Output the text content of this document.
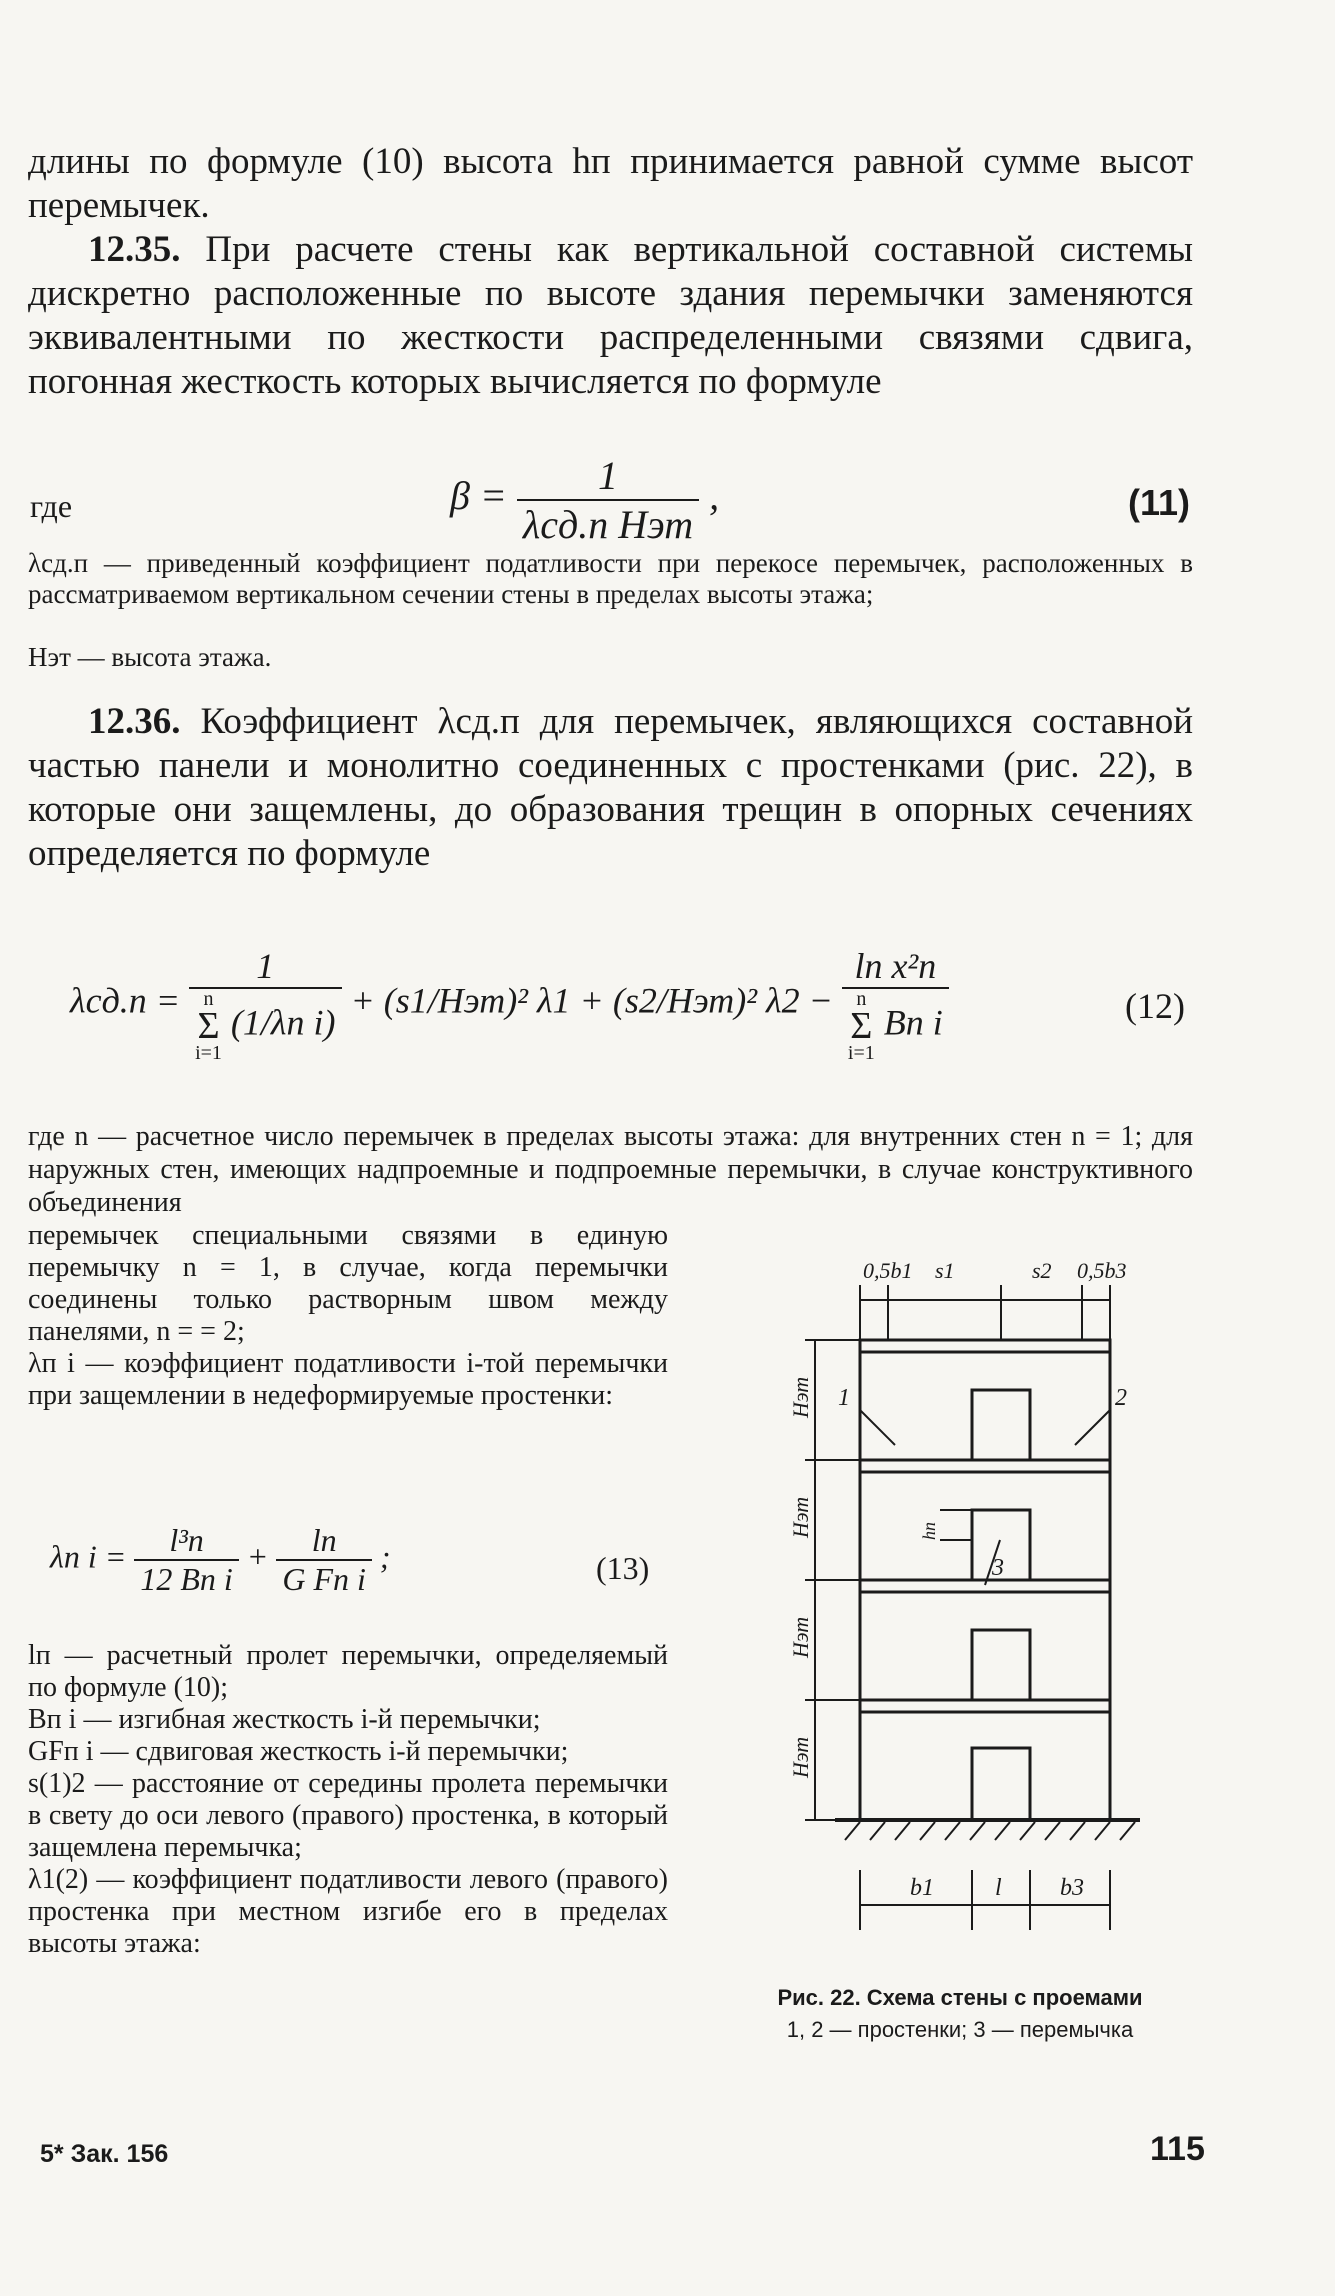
длины по формуле (10) высота hп принимается равной сумме высот перемычек.
12.35. При расчете стены как вертикальной составной системы дискретно расположенные по высоте здания перемычки заменяются эквивалентными по жесткости распределенными связями сдвига, погонная жесткость которых вычисляется по формуле
где	$\beta = \frac{1}{\text{λсд.п Hэт}}$ ,	(11)
λсд.п — приведенный коэффициент податливости при перекосе перемычек, расположенных в рассматриваемом вертикальном сечении стены в пределах высоты этажа;
Hэт — высота этажа.
12.36. Коэффициент λсд.п для перемычек, являющихся составной частью панели и монолитно соединенных с простенками (рис. 22), в которые они защемлены, до образования трещин в опорных сечениях определяется по формуле
λсд.п = 1
n
Σ
i=1
(1/λп i) + (s1/Hэт)² λ1 + (s2/Hэт)² λ2 − lп x²п
n
Σ
i=1
Bп i	(12)
где n — расчетное число перемычек в пределах высоты этажа: для внутренних стен n = 1; для наружных стен, имеющих надпроемные и подпроемные перемычки, в случае конструктивного объединения

перемычек специальными связями в единую перемычку n = 1, в случае, когда перемычки соединены только растворным швом между панелями, n = = 2;

λп i — коэффициент податливости i-той перемычки при защемлении в недеформируемые простенки:

λп $i = \frac{\text{l³п}}{\text{12 Bп i}} + \frac{lп}{\text{G Fп i}}$ ;	(13)

lп — расчетный пролет перемычки, определяемый по формуле (10);

Bп i — изгибная жесткость i-й перемычки;

GFп i — сдвиговая жесткость i-й перемычки;

s(1)2 — расстояние от середины пролета перемычки в свету до оси левого (правого) простенка, в который защемлена перемычка;

λ1(2) — коэффициент податливости левого (правого) простенка при местном изгибе его в пределах высоты этажа:

0,5b1 s1	s2 0,5b3
Hэт
Hэт
Hэт
Hэт
1	2
3
hп
b1	l b3
Рис. 22. Схема стены с проемами
1, 2 — простенки; 3 — перемычка
5* Зак. 156	115
